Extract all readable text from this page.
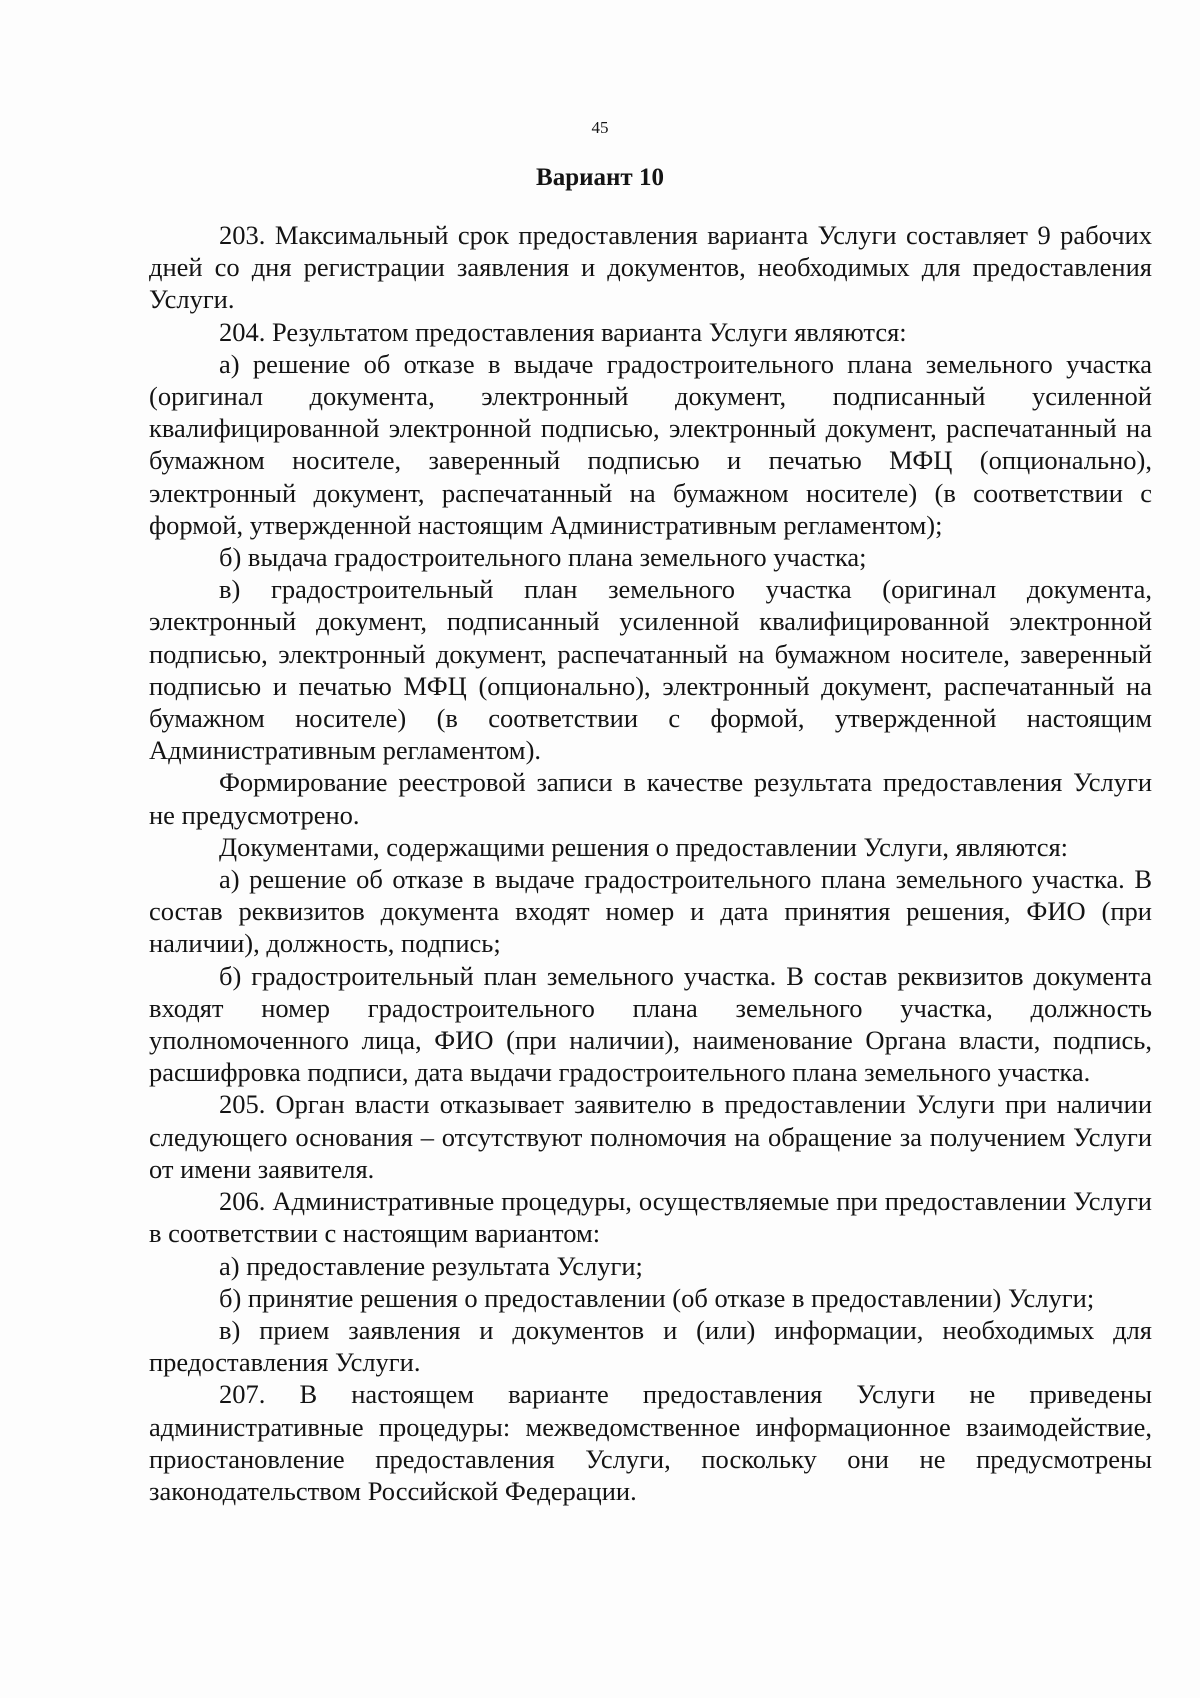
45
Вариант 10

203. Максимальный срок предоставления варианта Услуги составляет 9 рабочих дней со дня регистрации заявления и документов, необходимых для предоставления Услуги.

204. Результатом предоставления варианта Услуги являются:

а) решение об отказе в выдаче градостроительного плана земельного участка (оригинал документа, электронный документ, подписанный усиленной квалифицированной электронной подписью, электронный документ, распечатанный на бумажном носителе, заверенный подписью и печатью МФЦ (опционально), электронный документ, распечатанный на бумажном носителе) (в соответствии с формой, утвержденной настоящим Административным регламентом);

б) выдача градостроительного плана земельного участка;

в) градостроительный план земельного участка (оригинал документа, электронный документ, подписанный усиленной квалифицированной электронной подписью, электронный документ, распечатанный на бумажном носителе, заверенный подписью и печатью МФЦ (опционально), электронный документ, распечатанный на бумажном носителе) (в соответствии с формой, утвержденной настоящим Административным регламентом).

Формирование реестровой записи в качестве результата предоставления Услуги не предусмотрено.

Документами, содержащими решения о предоставлении Услуги, являются:

а) решение об отказе в выдаче градостроительного плана земельного участка. В состав реквизитов документа входят номер и дата принятия решения, ФИО (при наличии), должность, подпись;

б) градостроительный план земельного участка. В состав реквизитов документа входят номер градостроительного плана земельного участка, должность уполномоченного лица, ФИО (при наличии), наименование Органа власти, подпись, расшифровка подписи, дата выдачи градостроительного плана земельного участка.

205. Орган власти отказывает заявителю в предоставлении Услуги при наличии следующего основания – отсутствуют полномочия на обращение за получением Услуги от имени заявителя.

206. Административные процедуры, осуществляемые при предоставлении Услуги в соответствии с настоящим вариантом:

а) предоставление результата Услуги;

б) принятие решения о предоставлении (об отказе в предоставлении) Услуги;

в) прием заявления и документов и (или) информации, необходимых для предоставления Услуги.

207. В настоящем варианте предоставления Услуги не приведены административные процедуры: межведомственное информационное взаимодействие, приостановление предоставления Услуги, поскольку они не предусмотрены законодательством Российской Федерации.
